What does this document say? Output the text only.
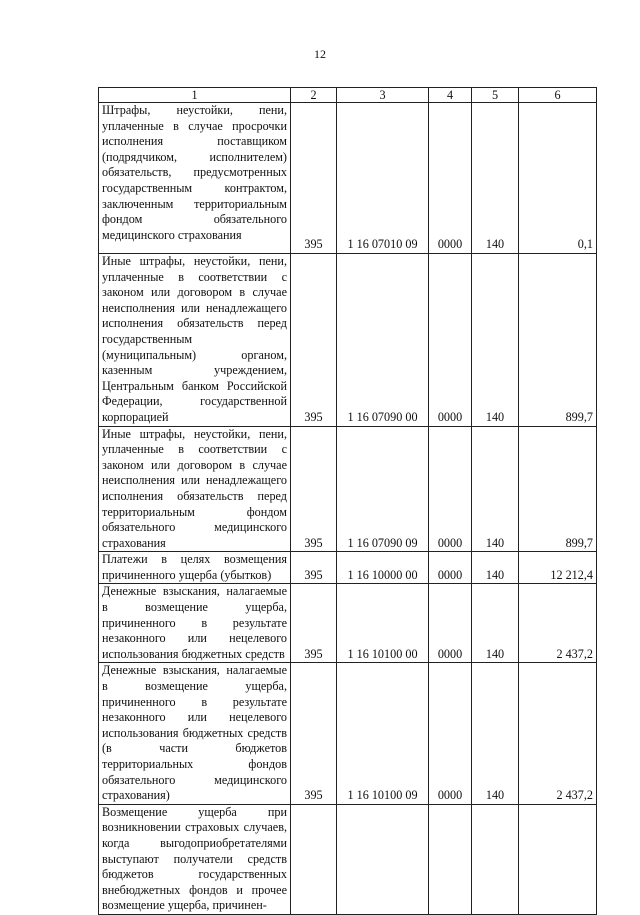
12
1	2	3	4	5	6
Штрафы, неустойки, пени, уплаченные в случае просрочки исполнения поставщиком (подрядчиком, исполнителем) обязательств, предусмотренных государственным контрактом, заключенным территориальным фондом обязательного медицинского страхования	395	1 16 07010 09	0000	140	0,1
Иные штрафы, неустойки, пени, уплаченные в соответствии с законом или договором в случае неисполнения или ненадлежащего исполнения обязательств перед государственным (муниципальным) органом, казенным учреждением, Центральным банком Российской Федерации, государственной корпорацией	395	1 16 07090 00	0000	140	899,7
Иные штрафы, неустойки, пени, уплаченные в соответствии с законом или договором в случае неисполнения или ненадлежащего исполнения обязательств перед территориальным фондом обязательного медицинского страхования	395	1 16 07090 09	0000	140	899,7
Платежи в целях возмещения причиненного ущерба (убытков)	395	1 16 10000 00	0000	140	12 212,4
Денежные взыскания, налагаемые в возмещение ущерба, причиненного в результате незаконного или нецелевого использования бюджетных средств	395	1 16 10100 00	0000	140	2 437,2
Денежные взыскания, налагаемые в возмещение ущерба, причиненного в результате незаконного или нецелевого использования бюджетных средств (в части бюджетов территориальных фондов обязательного медицинского страхования)	395	1 16 10100 09	0000	140	2 437,2
Возмещение ущерба при возникновении страховых случаев, когда выгодоприобретателями выступают получатели средств бюджетов государственных внебюджетных фондов и прочее возмещение ущерба, причинен-					
